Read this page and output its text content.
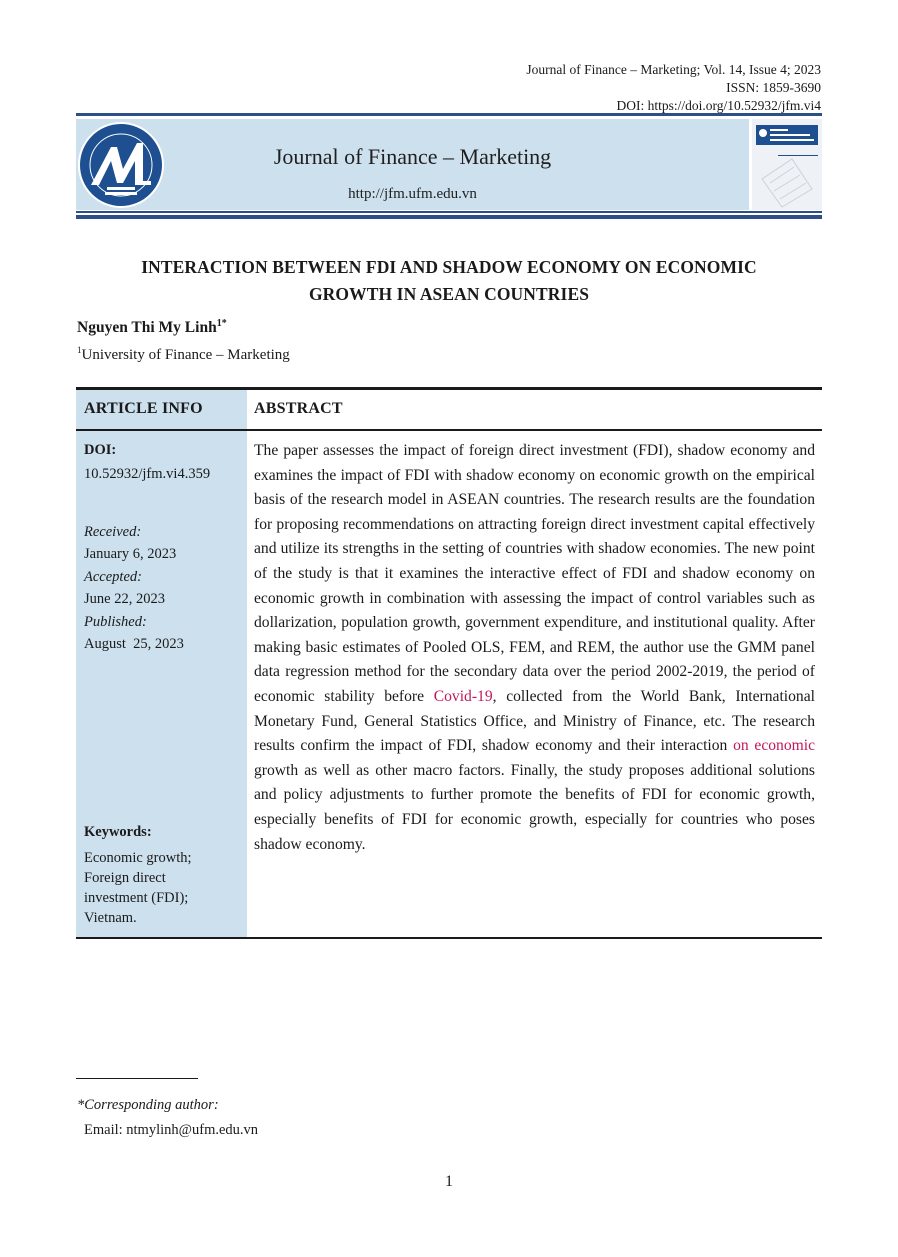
Journal of Finance – Marketing; Vol. 14, Issue 4; 2023
ISSN: 1859-3690
DOI: https://doi.org/10.52932/jfm.vi4
Journal of Finance – Marketing
http://jfm.ufm.edu.vn
INTERACTION BETWEEN FDI AND SHADOW ECONOMY ON ECONOMIC
GROWTH IN ASEAN COUNTRIES
Nguyen Thi My Linh$^{1*}$
$^1$University of Finance – Marketing
ARTICLE INFO	ABSTRACT
DOI:
10.52932/jfm.vi4.359
Received:
January 6, 2023
Accepted:
June 22, 2023
Published:
August  25, 2023
Keywords:
Economic growth;
Foreign direct
investment (FDI);
Vietnam.
The paper assesses the impact of foreign direct investment (FDI), shadow economy and examines the impact of FDI with shadow economy on economic growth on the empirical basis of the research model in ASEAN countries. The research results are the foundation for proposing recommendations on attracting foreign direct investment capital effectively and utilize its strengths in the setting of countries with shadow economies. The new point of the study is that it examines the interactive effect of FDI and shadow economy on economic growth in combination with assessing the impact of control variables such as dollarization, population growth, government expenditure, and institutional quality. After making basic estimates of Pooled OLS, FEM, and REM, the author use the GMM panel data regression method for the secondary data over the period 2002-2019, the period of economic stability before Covid-19, collected from the World Bank, International Monetary Fund, General Statistics Office, and Ministry of Finance, etc. The research results confirm the impact of FDI, shadow economy and their interaction on economic growth as well as other macro factors. Finally, the study proposes additional solutions and policy adjustments to further promote the benefits of FDI for economic growth, especially benefits of FDI for economic growth, especially for countries who poses shadow economy.
*Corresponding author:
Email: ntmylinh@ufm.edu.vn
1
